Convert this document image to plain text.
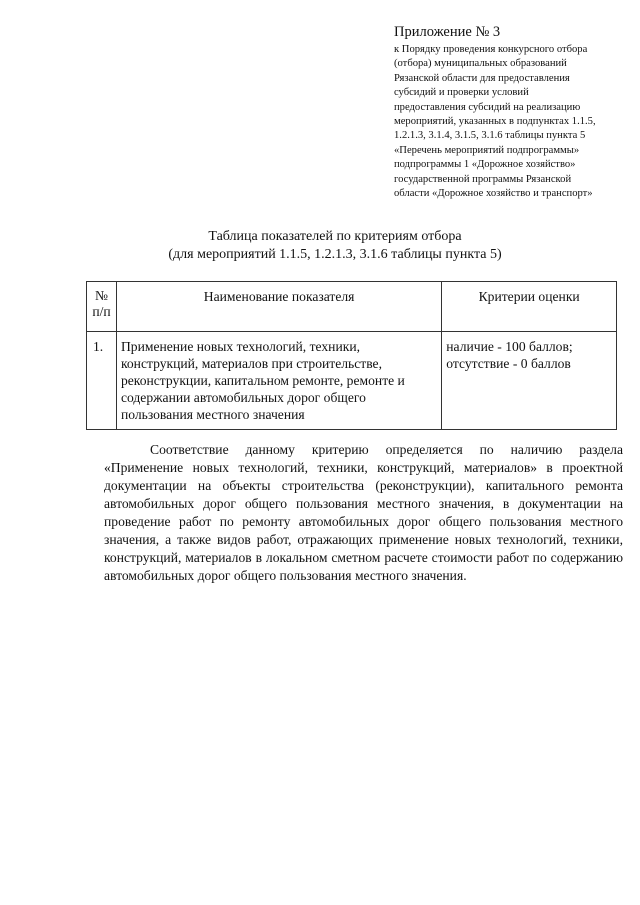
Приложение № 3
к Порядку проведения конкурсного отбора
(отбора) муниципальных образований
Рязанской области для предоставления
субсидий и проверки условий
предоставления субсидий на реализацию
мероприятий, указанных в подпунктах 1.1.5,
1.2.1.3, 3.1.4, 3.1.5, 3.1.6 таблицы пункта 5
«Перечень мероприятий подпрограммы»
подпрограммы 1 «Дорожное хозяйство»
государственной программы Рязанской
области «Дорожное хозяйство и транспорт»
Таблица показателей по критериям отбора
(для мероприятий 1.1.5, 1.2.1.3, 3.1.6 таблицы пункта 5)
№
п/п	Наименование показателя	Критерии оценки
1.	Применение новых технологий, техники, конструкций, материалов при строительстве, реконструкции, капитальном ремонте, ремонте и содержании автомобильных дорог общего пользования местного значения	наличие - 100 баллов;
отсутствие - 0 баллов
Соответствие данному критерию определяется по наличию раздела «Применение новых технологий, техники, конструкций, материалов» в проектной документации на объекты строительства (реконструкции), капитального ремонта автомобильных дорог общего пользования местного значения, в документации на проведение работ по ремонту автомобильных дорог общего пользования местного значения, а также видов работ, отражающих применение новых технологий, техники, конструкций, материалов в локальном сметном расчете стоимости работ по содержанию автомобильных дорог общего пользования местного значения.
